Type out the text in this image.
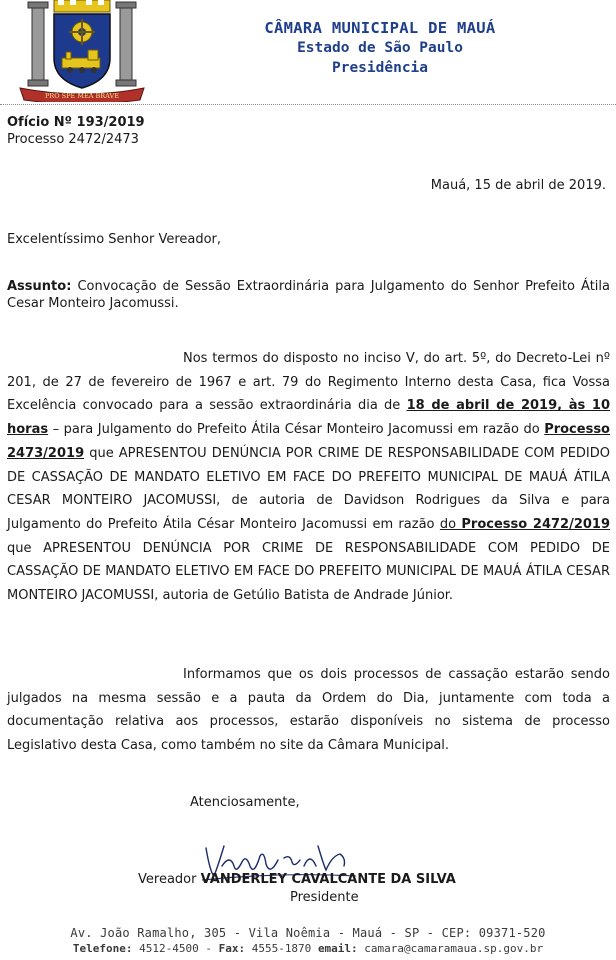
PRO SPE MEA BRAVE
CÂMARA MUNICIPAL DE MAUÁ
Estado de São Paulo
Presidência
Ofício Nº 193/2019
Processo 2472/2473
Mauá, 15 de abril de 2019.
Excelentíssimo Senhor Vereador,
Assunto: Convocação de Sessão Extraordinária para Julgamento do Senhor Prefeito Átila Cesar Monteiro Jacomussi.

Nos termos do disposto no inciso V, do art. 5º, do Decreto-Lei nº 201, de 27 de fevereiro de 1967 e art. 79 do Regimento Interno desta Casa, fica Vossa Excelência convocado para a sessão extraordinária dia de 18 de abril de 2019, às 10 horas – para Julgamento do Prefeito Átila César Monteiro Jacomussi em razão do Processo 2473/2019 que APRESENTOU DENÚNCIA POR CRIME DE RESPONSABILIDADE COM PEDIDO DE CASSAÇÃO DE MANDATO ELETIVO EM FACE DO PREFEITO MUNICIPAL DE MAUÁ ÁTILA CESAR MONTEIRO JACOMUSSI, de autoria de Davidson Rodrigues da Silva e para Julgamento do Prefeito Átila César Monteiro Jacomussi em razão do Processo 2472/2019 que APRESENTOU DENÚNCIA POR CRIME DE RESPONSABILIDADE COM PEDIDO DE CASSAÇÃO DE MANDATO ELETIVO EM FACE DO PREFEITO MUNICIPAL DE MAUÁ ÁTILA CESAR MONTEIRO JACOMUSSI, autoria de Getúlio Batista de Andrade Júnior.

Informamos que os dois processos de cassação estarão sendo julgados na mesma sessão e a pauta da Ordem do Dia, juntamente com toda a documentação relativa aos processos, estarão disponíveis no sistema de processo Legislativo desta Casa, como também no site da Câmara Municipal.

Atenciosamente,
Vereador VANDERLEY CAVALCANTE DA SILVA
Presidente
Av. João Ramalho, 305 - Vila Noêmia - Mauá - SP - CEP: 09371-520
Telefone: 4512-4500 - Fax: 4555-1870 email: camara@camaramaua.sp.gov.br
